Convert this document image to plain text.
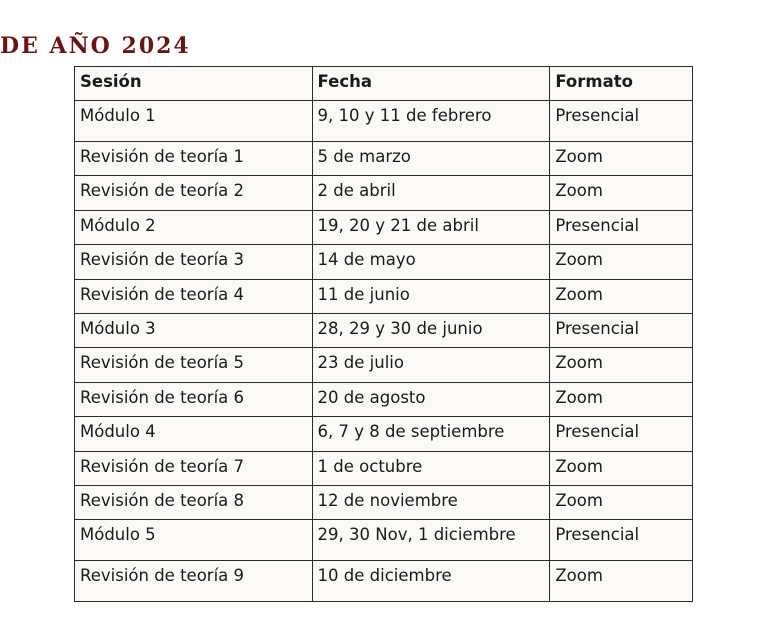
DE AÑO 2024
Sesión	Fecha	Formato
Módulo 1	9, 10 y 11 de febrero	Presencial
Revisión de teoría 1	5 de marzo	Zoom
Revisión de teoría 2	2 de abril	Zoom
Módulo 2	19, 20 y 21 de abril	Presencial
Revisión de teoría 3	14 de mayo	Zoom
Revisión de teoría 4	11 de junio	Zoom
Módulo 3	28, 29 y 30 de junio	Presencial
Revisión de teoría 5	23 de julio	Zoom
Revisión de teoría 6	20 de agosto	Zoom
Módulo 4	6, 7 y 8 de septiembre	Presencial
Revisión de teoría 7	1 de octubre	Zoom
Revisión de teoría 8	12 de noviembre	Zoom
Módulo 5	29, 30 Nov, 1 diciembre	Presencial
Revisión de teoría 9	10 de diciembre	Zoom
